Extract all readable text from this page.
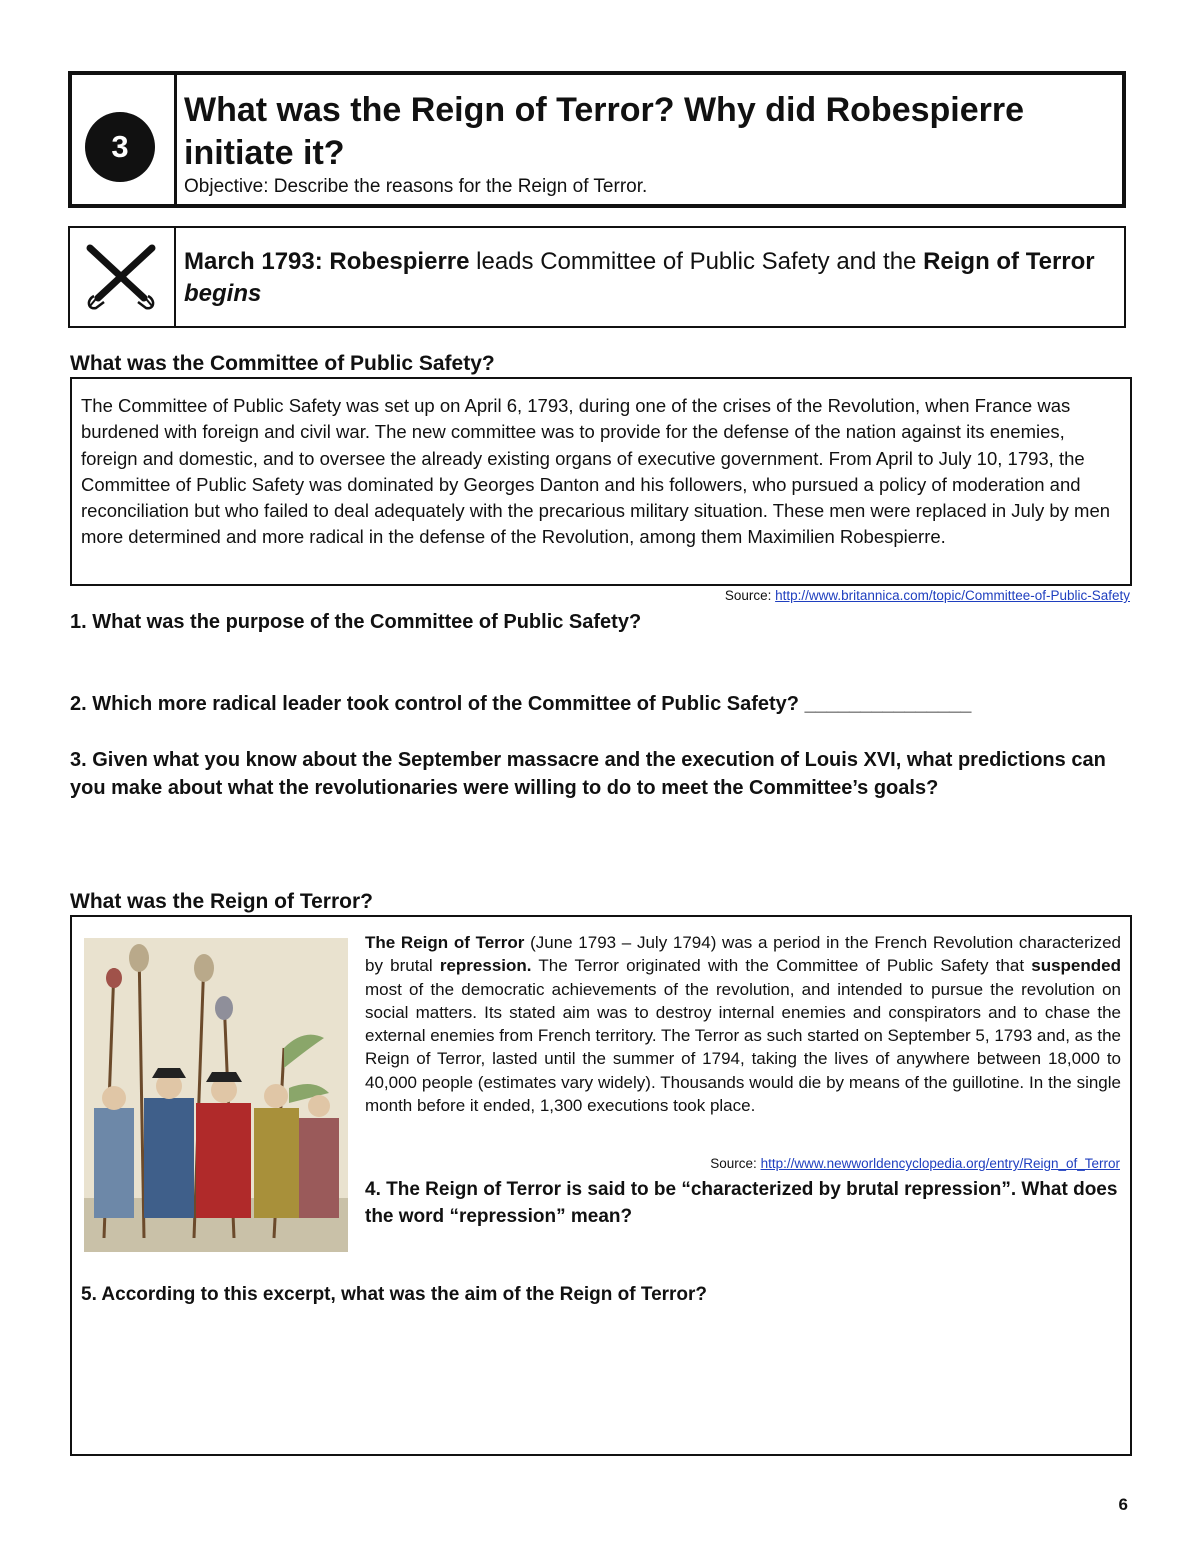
3
What was the Reign of Terror? Why did Robespierre initiate it?
Objective: Describe the reasons for the Reign of Terror.
March 1793: Robespierre leads Committee of Public Safety and the Reign of Terror begins
What was the Committee of Public Safety?
The Committee of Public Safety was set up on April 6, 1793, during one of the crises of the Revolution, when France was burdened with foreign and civil war. The new committee was to provide for the defense of the nation against its enemies, foreign and domestic, and to oversee the already existing organs of executive government. From April to July 10, 1793, the Committee of Public Safety was dominated by Georges Danton and his followers, who pursued a policy of moderation and reconciliation but who failed to deal adequately with the precarious military situation. These men were replaced in July by men more determined and more radical in the defense of the Revolution, among them Maximilien Robespierre.
Source: http://www.britannica.com/topic/Committee-of-Public-Safety
1. What was the purpose of the Committee of Public Safety?
2. Which more radical leader took control of the Committee of Public Safety? _______________
3. Given what you know about the September massacre and the execution of Louis XVI, what predictions can you make about what the revolutionaries were willing to do to meet the Committee’s goals?
What was the Reign of Terror?
The Reign of Terror (June 1793 – July 1794) was a period in the French Revolution characterized by brutal repression. The Terror originated with the Committee of Public Safety that suspended most of the democratic achievements of the revolution, and intended to pursue the revolution on social matters. Its stated aim was to destroy internal enemies and conspirators and to chase the external enemies from French territory. The Terror as such started on September 5, 1793 and, as the Reign of Terror, lasted until the summer of 1794, taking the lives of anywhere between 18,000 to 40,000 people (estimates vary widely). Thousands would die by means of the guillotine. In the single month before it ended, 1,300 executions took place.
Source: http://www.newworldencyclopedia.org/entry/Reign_of_Terror
4. The Reign of Terror is said to be “characterized by brutal repression”. What does the word “repression” mean?
5. According to this excerpt, what was the aim of the Reign of Terror?
6
